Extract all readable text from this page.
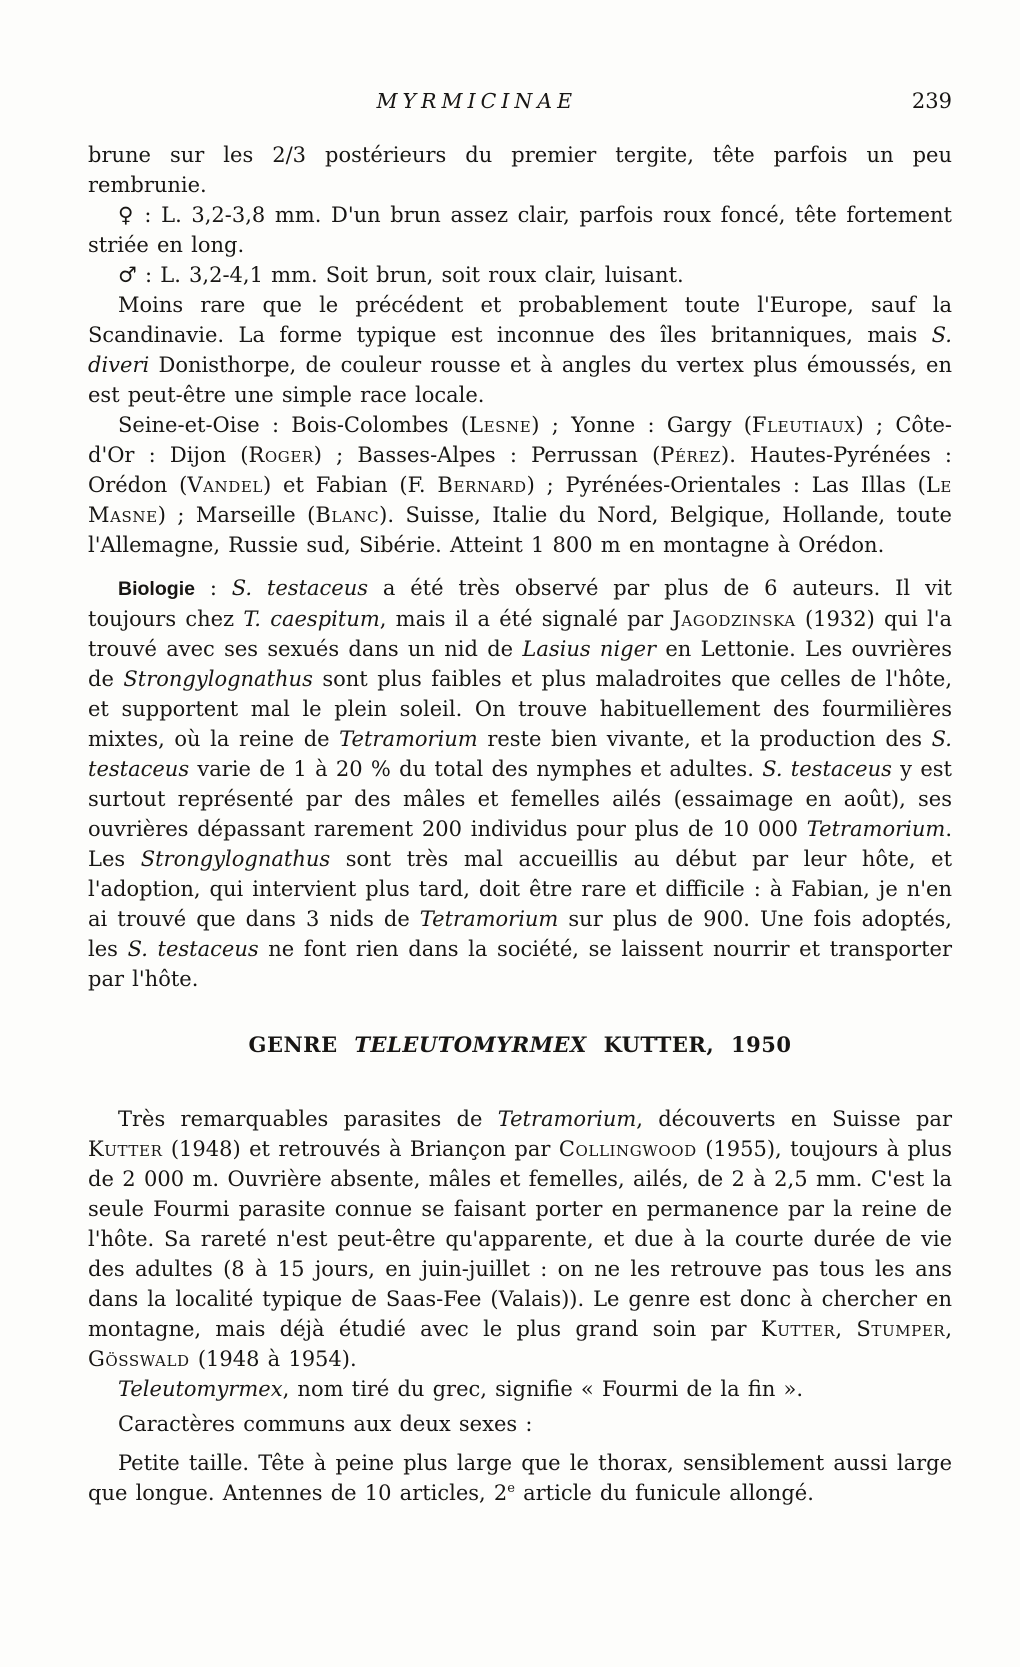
MYRMICINAE	239

brune sur les 2/3 postérieurs du premier tergite, tête parfois un peu rembrunie.

♀ : L. 3,2-3,8 mm. D'un brun assez clair, parfois roux foncé, tête fortement striée en long.

♂ : L. 3,2-4,1 mm. Soit brun, soit roux clair, luisant.

Moins rare que le précédent et probablement toute l'Europe, sauf la Scandinavie. La forme typique est inconnue des îles britanniques, mais S. diveri Donisthorpe, de couleur rousse et à angles du vertex plus émoussés, en est peut-être une simple race locale.

Seine-et-Oise : Bois-Colombes (Lesne) ; Yonne : Gargy (Fleutiaux) ; Côte-d'Or : Dijon (Roger) ; Basses-Alpes : Perrussan (Pérez). Hautes-Pyrénées : Orédon (Vandel) et Fabian (F. Bernard) ; Pyrénées-Orientales : Las Illas (Le Masne) ; Marseille (Blanc). Suisse, Italie du Nord, Belgique, Hollande, toute l'Allemagne, Russie sud, Sibérie. Atteint 1 800 m en montagne à Orédon.

Biologie : S. testaceus a été très observé par plus de 6 auteurs. Il vit toujours chez T. caespitum, mais il a été signalé par Jagodzinska (1932) qui l'a trouvé avec ses sexués dans un nid de Lasius niger en Lettonie. Les ouvrières de Strongylognathus sont plus faibles et plus maladroites que celles de l'hôte, et supportent mal le plein soleil. On trouve habituellement des fourmilières mixtes, où la reine de Tetramorium reste bien vivante, et la production des S. testaceus varie de 1 à 20 % du total des nymphes et adultes. S. testaceus y est surtout représenté par des mâles et femelles ailés (essaimage en août), ses ouvrières dépassant rarement 200 individus pour plus de 10 000 Tetramorium. Les Strongylognathus sont très mal accueillis au début par leur hôte, et l'adoption, qui intervient plus tard, doit être rare et difficile : à Fabian, je n'en ai trouvé que dans 3 nids de Tetramorium sur plus de 900. Une fois adoptés, les S. testaceus ne font rien dans la société, se laissent nourrir et transporter par l'hôte.

GENRE TELEUTOMYRMEX KUTTER, 1950

Très remarquables parasites de Tetramorium, découverts en Suisse par Kutter (1948) et retrouvés à Briançon par Collingwood (1955), toujours à plus de 2 000 m. Ouvrière absente, mâles et femelles, ailés, de 2 à 2,5 mm. C'est la seule Fourmi parasite connue se faisant porter en permanence par la reine de l'hôte. Sa rareté n'est peut-être qu'apparente, et due à la courte durée de vie des adultes (8 à 15 jours, en juin-juillet : on ne les retrouve pas tous les ans dans la localité typique de Saas-Fee (Valais)). Le genre est donc à chercher en montagne, mais déjà étudié avec le plus grand soin par Kutter, Stumper, Gösswald (1948 à 1954).

Teleutomyrmex, nom tiré du grec, signifie « Fourmi de la fin ».

Caractères communs aux deux sexes :

Petite taille. Tête à peine plus large que le thorax, sensiblement aussi large que longue. Antennes de 10 articles, 2e article du funicule allongé.
